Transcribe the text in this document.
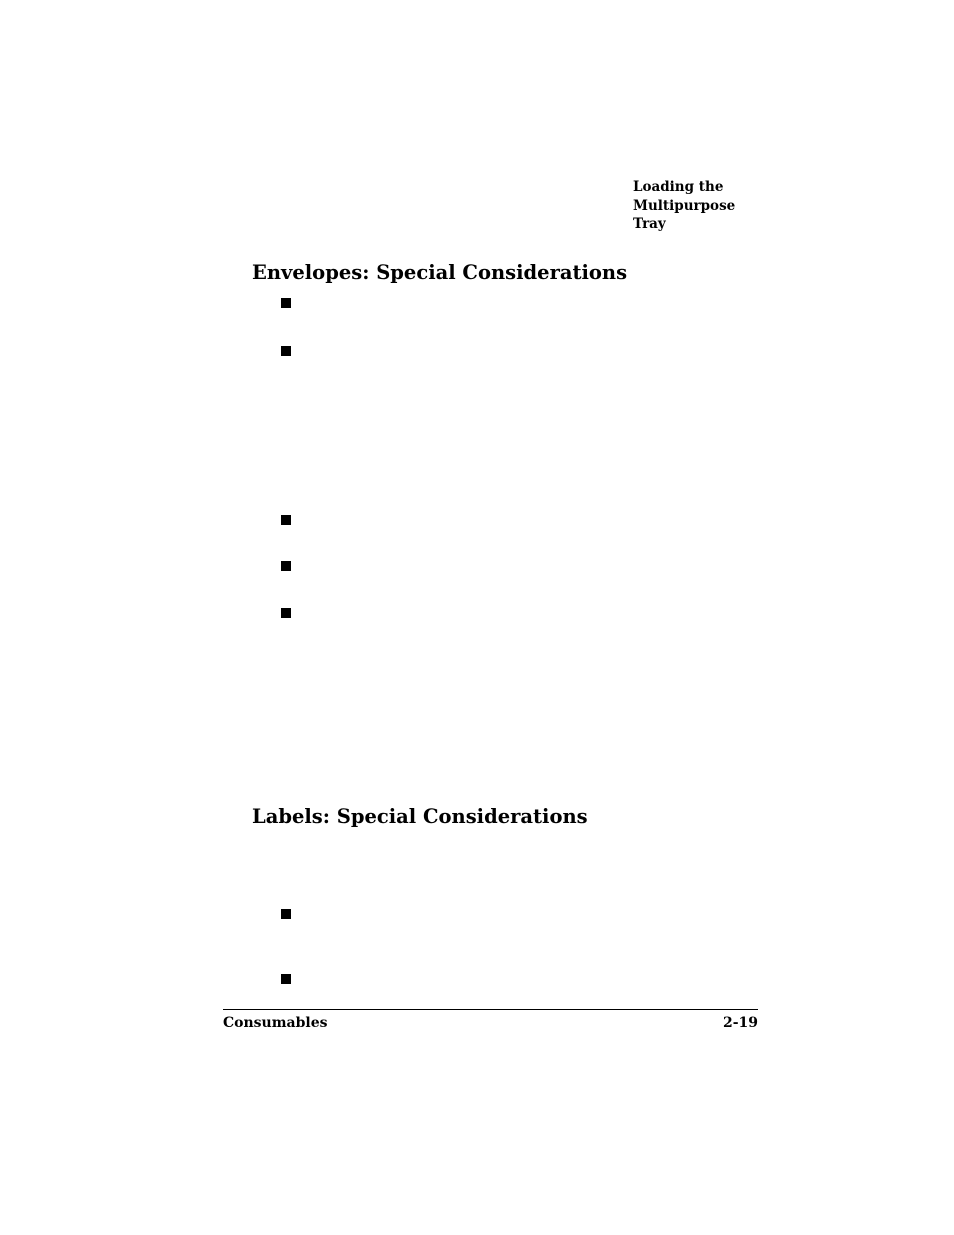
Loading the
Multipurpose
Tray
Envelopes: Special Considerations
Labels: Special Considerations
Consumables	2-19
